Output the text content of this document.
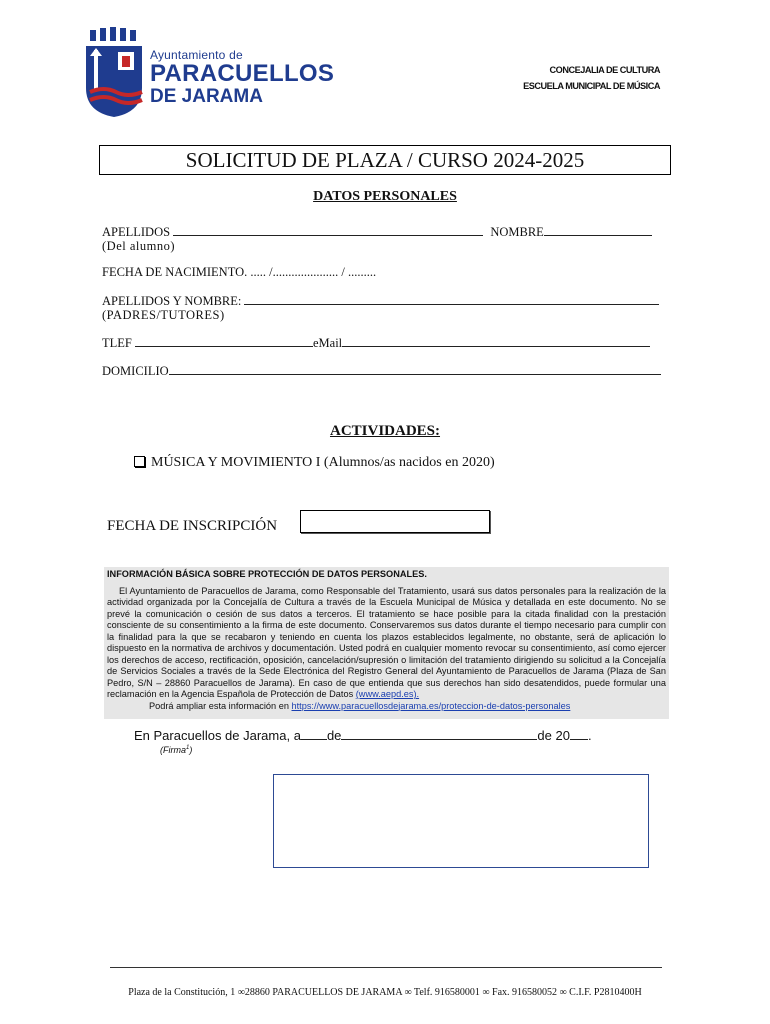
Ayuntamiento de
PARACUELLOS
DE JARAMA
CONCEJALIA DE CULTURA
ESCUELA MUNICIPAL DE MÚSICA
SOLICITUD DE PLAZA / CURSO 2024-2025
DATOS PERSONALES
APELLIDOS	NOMBRE
(Del alumno)
FECHA DE NACIMIENTO. ..... /..................... / .........
APELLIDOS Y NOMBRE:
(PADRES/TUTORES)
TLEF	eMail
DOMICILIO
ACTIVIDADES:
MÚSICA Y MOVIMIENTO I (Alumnos/as nacidos en 2020)
FECHA DE INSCRIPCIÓN
INFORMACIÓN BÁSICA SOBRE PROTECCIÓN DE DATOS PERSONALES.
El Ayuntamiento de Paracuellos de Jarama, como Responsable del Tratamiento, usará sus datos personales para la realización de la actividad organizada por la Concejalía de Cultura a través de la Escuela Municipal de Música y detallada en este documento. No se prevé la comunicación o cesión de sus datos a terceros. El tratamiento se hace posible para la citada finalidad con la prestación consciente de su consentimiento a la firma de este documento. Conservaremos sus datos durante el tiempo necesario para cumplir con la finalidad para la que se recabaron y teniendo en cuenta los plazos establecidos legalmente, no obstante, será de aplicación lo dispuesto en la normativa de archivos y documentación. Usted podrá en cualquier momento revocar su consentimiento, así como ejercer los derechos de acceso, rectificación, oposición, cancelación/supresión o limitación del tratamiento dirigiendo su solicitud a la Concejalía de Servicios Sociales a través de la Sede Electrónica del Registro General del Ayuntamiento de Paracuellos de Jarama (Plaza de San Pedro, S/N – 28860 Paracuellos de Jarama). En caso de que entienda que sus derechos han sido desatendidos, puede formular una reclamación en la Agencia Española de Protección de Datos (www.aepd.es).
Podrá ampliar esta información en https://www.paracuellosdejarama.es/proteccion-de-datos-personales
En Paracuellos de Jarama, a de	de 20 .
(Firma$^1$)
Plaza de la Constitución, 1 ∞28860 PARACUELLOS DE JARAMA ∞ Telf. 916580001 ∞ Fax. 916580052 ∞ C.I.F. P2810400H
